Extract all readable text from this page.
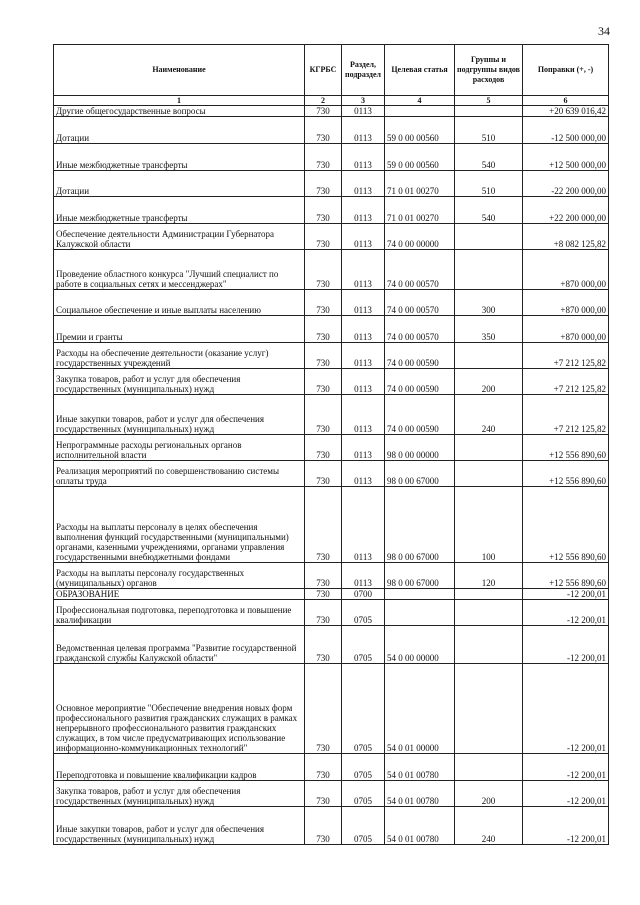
34
Наименование	КГРБС	Раздел, подраздел	Целевая статья	Группы и подгруппы видов расходов	Поправки (+, -)
1	2	3	4	5	6
Другие общегосударственные вопросы	730	0113			+20 639 016,42
Дотации	730	0113	59 0 00 00560	510	-12 500 000,00
Иные межбюджетные трансферты	730	0113	59 0 00 00560	540	+12 500 000,00
Дотации	730	0113	71 0 01 00270	510	-22 200 000,00
Иные межбюджетные трансферты	730	0113	71 0 01 00270	540	+22 200 000,00
Обеспечение деятельности Администрации Губернатора Калужской области	730	0113	74 0 00 00000		+8 082 125,82
Проведение областного конкурса "Лучший специалист по работе в социальных сетях и мессенджерах"	730	0113	74 0 00 00570		+870 000,00
Социальное обеспечение и иные выплаты населению	730	0113	74 0 00 00570	300	+870 000,00
Премии и гранты	730	0113	74 0 00 00570	350	+870 000,00
Расходы на обеспечение деятельности (оказание услуг) государственных учреждений	730	0113	74 0 00 00590		+7 212 125,82
Закупка товаров, работ и услуг для обеспечения государственных (муниципальных) нужд	730	0113	74 0 00 00590	200	+7 212 125,82
Иные закупки товаров, работ и услуг для обеспечения государственных (муниципальных) нужд	730	0113	74 0 00 00590	240	+7 212 125,82
Непрограммные расходы региональных органов исполнительной власти	730	0113	98 0 00 00000		+12 556 890,60
Реализация мероприятий по совершенствованию системы оплаты труда	730	0113	98 0 00 67000		+12 556 890,60
Расходы на выплаты персоналу в целях обеспечения выполнения функций государственными (муниципальными) органами, казенными учреждениями, органами управления государственными внебюджетными фондами	730	0113	98 0 00 67000	100	+12 556 890,60
Расходы на выплаты персоналу государственных (муниципальных) органов	730	0113	98 0 00 67000	120	+12 556 890,60
ОБРАЗОВАНИЕ	730	0700			-12 200,01
Профессиональная подготовка, переподготовка и повышение квалификации	730	0705			-12 200,01
Ведомственная целевая программа "Развитие государственной гражданской службы Калужской области"	730	0705	54 0 00 00000		-12 200,01
Основное мероприятие "Обеспечение внедрения новых форм профессионального развития гражданских служащих в рамках непрерывного профессионального развития гражданских служащих, в том числе предусматривающих использование информационно-коммуникационных технологий"	730	0705	54 0 01 00000		-12 200,01
Переподготовка и повышение квалификации кадров	730	0705	54 0 01 00780		-12 200,01
Закупка товаров, работ и услуг для обеспечения государственных (муниципальных) нужд	730	0705	54 0 01 00780	200	-12 200,01
Иные закупки товаров, работ и услуг для обеспечения государственных (муниципальных) нужд	730	0705	54 0 01 00780	240	-12 200,01
